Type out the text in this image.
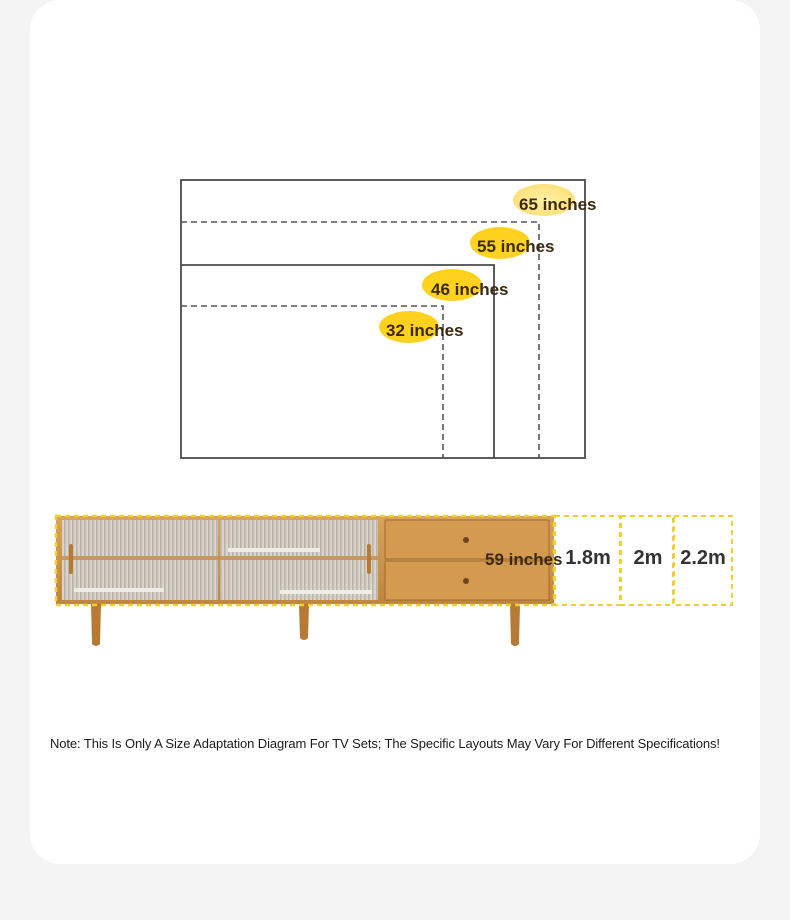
65 inches
55 inches
46 inches
32 inches
59 inches 1.8m 2m 2.2m
Note: This Is Only A Size Adaptation Diagram For TV Sets; The Specific Layouts May Vary For Different Specifications!
